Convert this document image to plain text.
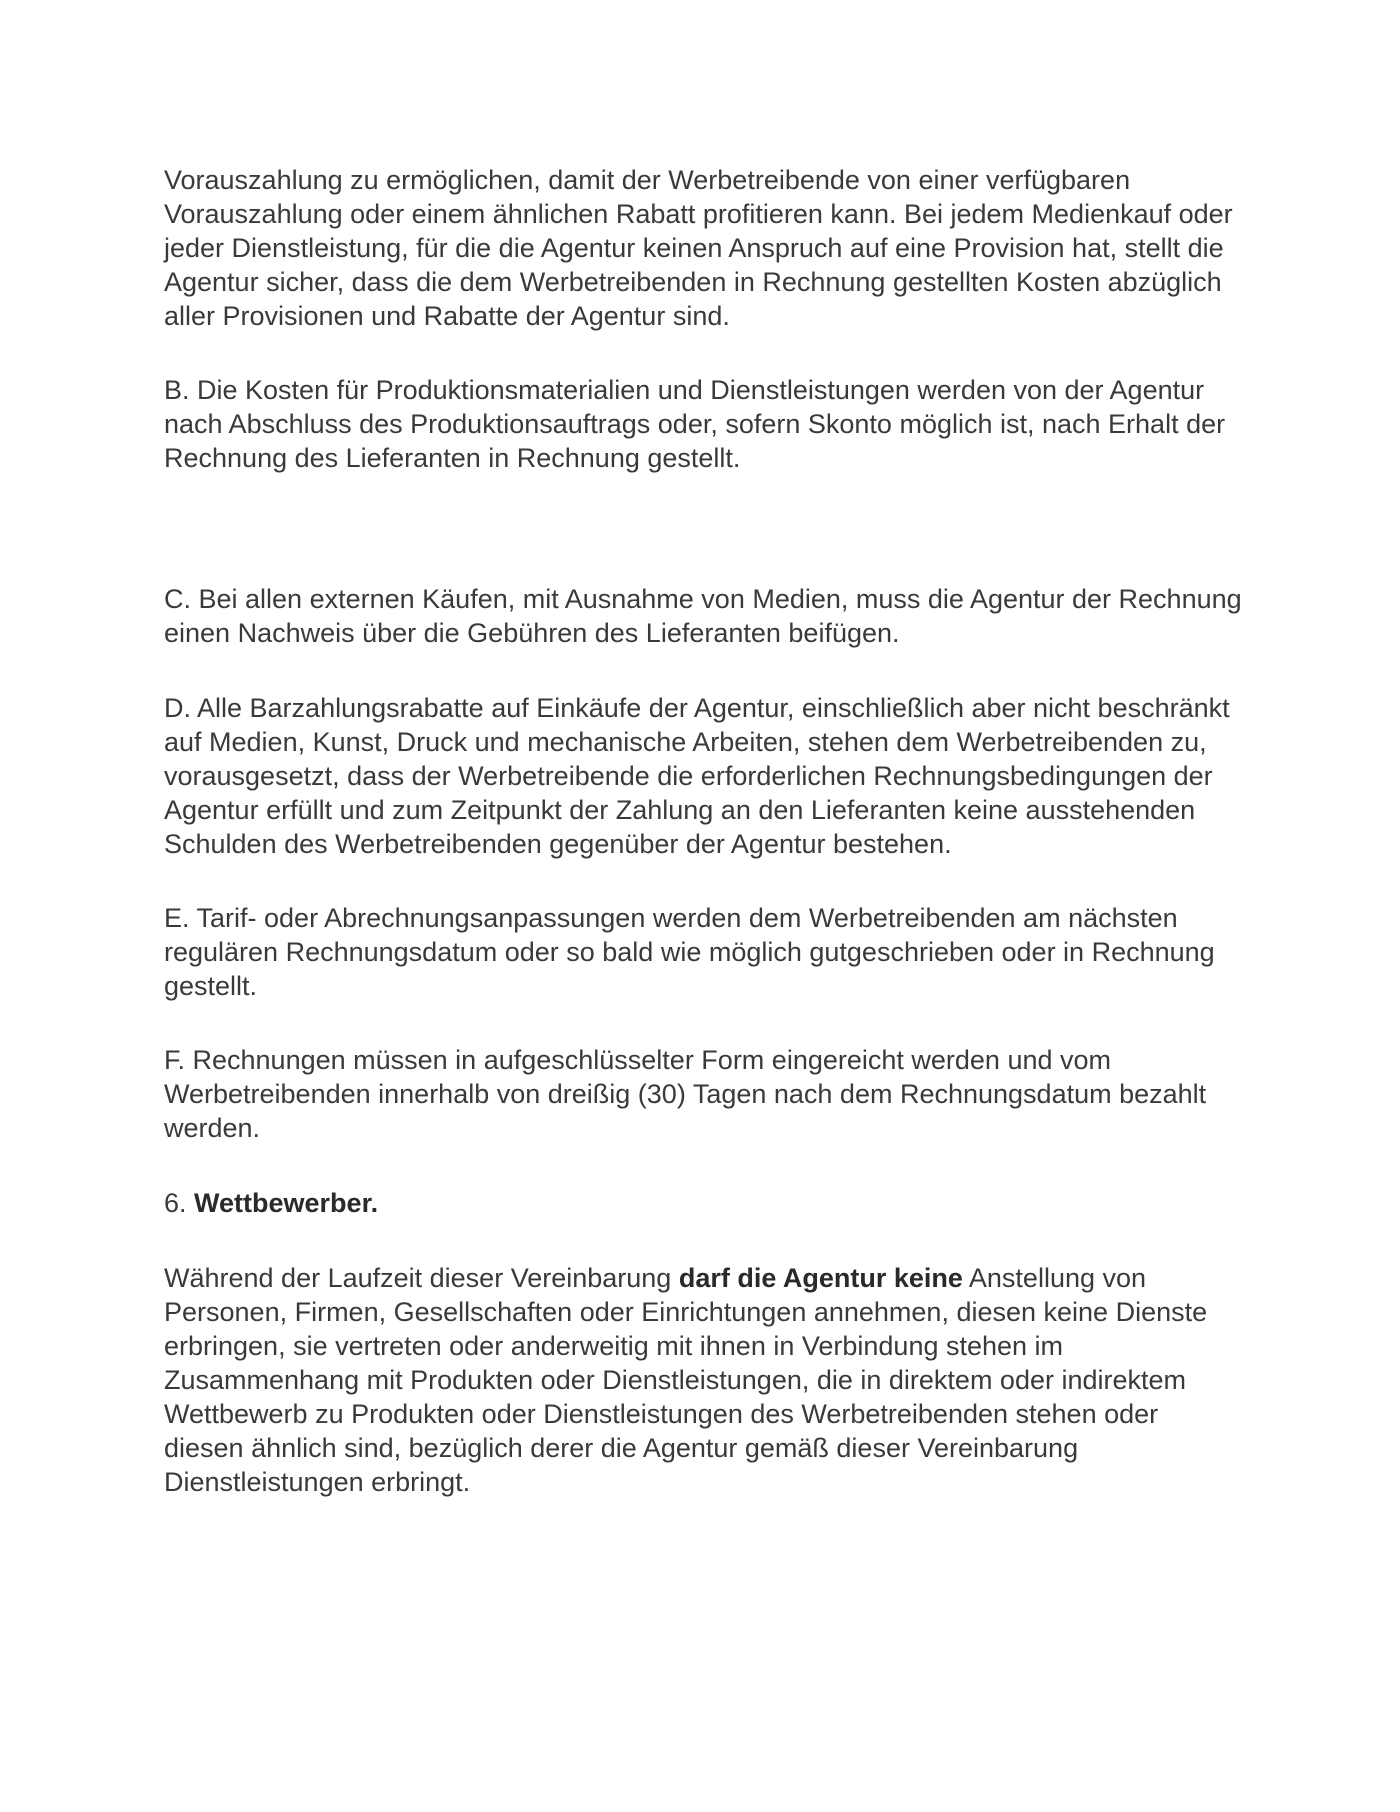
Vorauszahlung zu ermöglichen, damit der Werbetreibende von einer verfügbaren Vorauszahlung oder einem ähnlichen Rabatt profitieren kann. Bei jedem Medienkauf oder jeder Dienstleistung, für die die Agentur keinen Anspruch auf eine Provision hat, stellt die Agentur sicher, dass die dem Werbetreibenden in Rechnung gestellten Kosten abzüglich aller Provisionen und Rabatte der Agentur sind.

B. Die Kosten für Produktionsmaterialien und Dienstleistungen werden von der Agentur nach Abschluss des Produktionsauftrags oder, sofern Skonto möglich ist, nach Erhalt der Rechnung des Lieferanten in Rechnung gestellt.

C. Bei allen externen Käufen, mit Ausnahme von Medien, muss die Agentur der Rechnung einen Nachweis über die Gebühren des Lieferanten beifügen.

D. Alle Barzahlungsrabatte auf Einkäufe der Agentur, einschließlich aber nicht beschränkt auf Medien, Kunst, Druck und mechanische Arbeiten, stehen dem Werbetreibenden zu, vorausgesetzt, dass der Werbetreibende die erforderlichen Rechnungsbedingungen der Agentur erfüllt und zum Zeitpunkt der Zahlung an den Lieferanten keine ausstehenden Schulden des Werbetreibenden gegenüber der Agentur bestehen.

E. Tarif- oder Abrechnungsanpassungen werden dem Werbetreibenden am nächsten regulären Rechnungsdatum oder so bald wie möglich gutgeschrieben oder in Rechnung gestellt.

F. Rechnungen müssen in aufgeschlüsselter Form eingereicht werden und vom Werbetreibenden innerhalb von dreißig (30) Tagen nach dem Rechnungsdatum bezahlt werden.

6. Wettbewerber.

Während der Laufzeit dieser Vereinbarung darf die Agentur keine Anstellung von Personen, Firmen, Gesellschaften oder Einrichtungen annehmen, diesen keine Dienste erbringen, sie vertreten oder anderweitig mit ihnen in Verbindung stehen im Zusammenhang mit Produkten oder Dienstleistungen, die in direktem oder indirektem Wettbewerb zu Produkten oder Dienstleistungen des Werbetreibenden stehen oder diesen ähnlich sind, bezüglich derer die Agentur gemäß dieser Vereinbarung Dienstleistungen erbringt.
